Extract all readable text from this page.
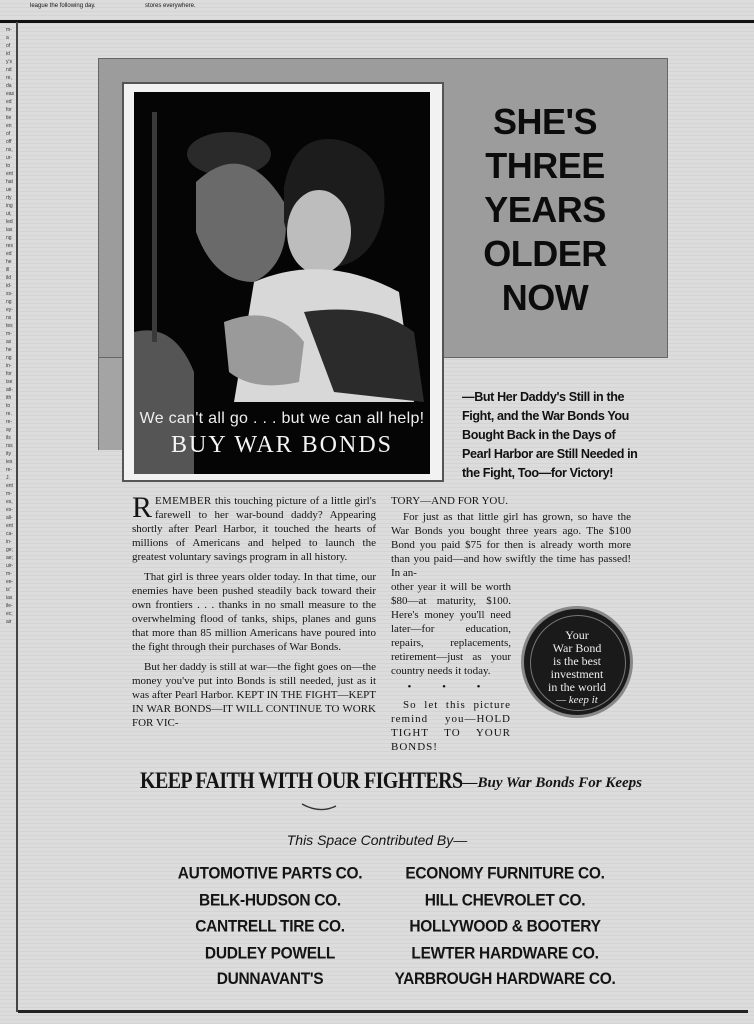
league the following day.	stores everywhere.
m-
a
of
id
y's
nd
re,
da
eas
ed
for
tie
en
of
off
ns,
ur-
to
ent
hat
ue
rty
ing
ut,
led
ias
ng
res
ed
he
ill
ild
id-
ss-
ng
ey-
ns
tes
m-
ax
he
ng
in-
for
ise
ati-
ith
to
re.
re-
ay
ils
rss
ity
ies
re-
J.
ent
m-
es,
es-
ali-
ent
ca-
in-
ge;
ae;
uir-
m-
ee-
is'
ias
ile-
ec;
air
We can't all go . . . but we can all help!
BUY WAR BONDS
SHE'S
THREE
YEARS
OLDER
NOW
—But Her Daddy's Still in the Fight, and the War Bonds You Bought Back in the Days of Pearl Harbor are Still Needed in the Fight, Too—for Victory!

REMEMBER this touching picture of a little girl's farewell to her war-bound daddy? Appearing shortly after Pearl Harbor, it touched the hearts of millions of Americans and helped to launch the greatest voluntary savings program in all history.

That girl is three years older today. In that time, our enemies have been pushed steadily back toward their own frontiers . . . thanks in no small measure to the overwhelming flood of tanks, ships, planes and guns that more than 85 million Americans have poured into the fight through their purchases of War Bonds.

But her daddy is still at war—the fight goes on—the money you've put into Bonds is still needed, just as it was after Pearl Harbor. KEPT IN THE FIGHT—KEPT IN WAR BONDS—IT WILL CONTINUE TO WORK FOR VIC-

TORY—AND FOR YOU.

For just as that little girl has grown, so have the War Bonds you bought three years ago. The $100 Bond you paid $75 for then is already worth more than you paid—and how swiftly the time has passed! In an-

other year it will be worth $80—at maturity, $100. Here's money you'll need later—for education, repairs, replacements, retirement—just as your country needs it today.

• • •

So let this picture remind you—HOLD TIGHT TO YOUR BONDS!

Your
War Bond
is the best
investment
in the world
— keep it
KEEP FAITH WITH OUR FIGHTERS—Buy War Bonds For Keeps
This Space Contributed By—
AUTOMOTIVE PARTS CO.
BELK-HUDSON CO.
CANTRELL TIRE CO.
DUDLEY POWELL
DUNNAVANT'S
ECONOMY FURNITURE CO.
HILL CHEVROLET CO.
HOLLYWOOD & BOOTERY
LEWTER HARDWARE CO.
YARBROUGH HARDWARE CO.
